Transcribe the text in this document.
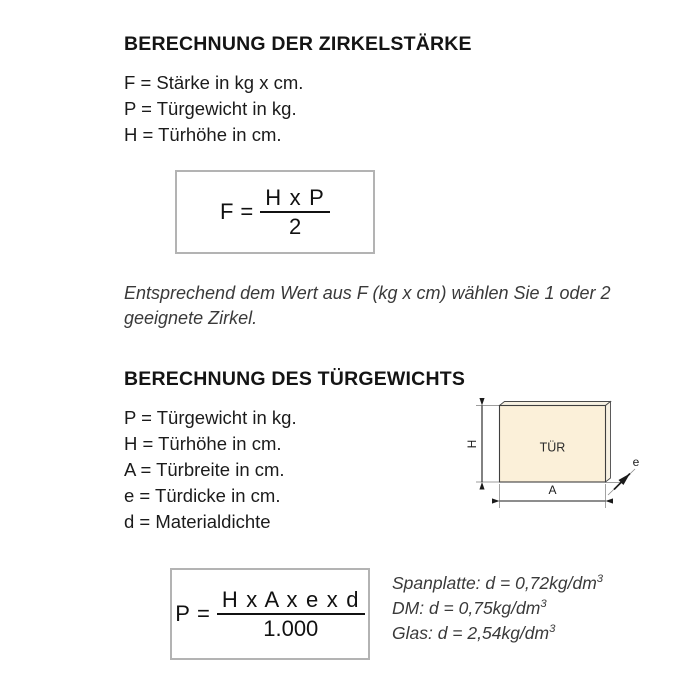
BERECHNUNG DER ZIRKELSTÄRKE
F = Stärke in kg x cm.
P = Türgewicht in kg.
H = Türhöhe in cm.
$F = \frac{\text{H x P}}{2}$
Entsprechend dem Wert aus F (kg x cm) wählen Sie 1 oder 2
geeignete Zirkel.
BERECHNUNG DES TÜRGEWICHTS
P = Türgewicht in kg.
H = Türhöhe in cm.
A = Türbreite in cm.
e = Türdicke in cm.
d = Materialdichte
TÜR
H
A
e
$P = \frac{\text{H x A x e x d}}{1.000}$
Spanplatte: $d = 0,72kg/dm^3$
DM: $d = 0,75kg/dm^3$
Glas: $d = 2,54kg/dm^3$
